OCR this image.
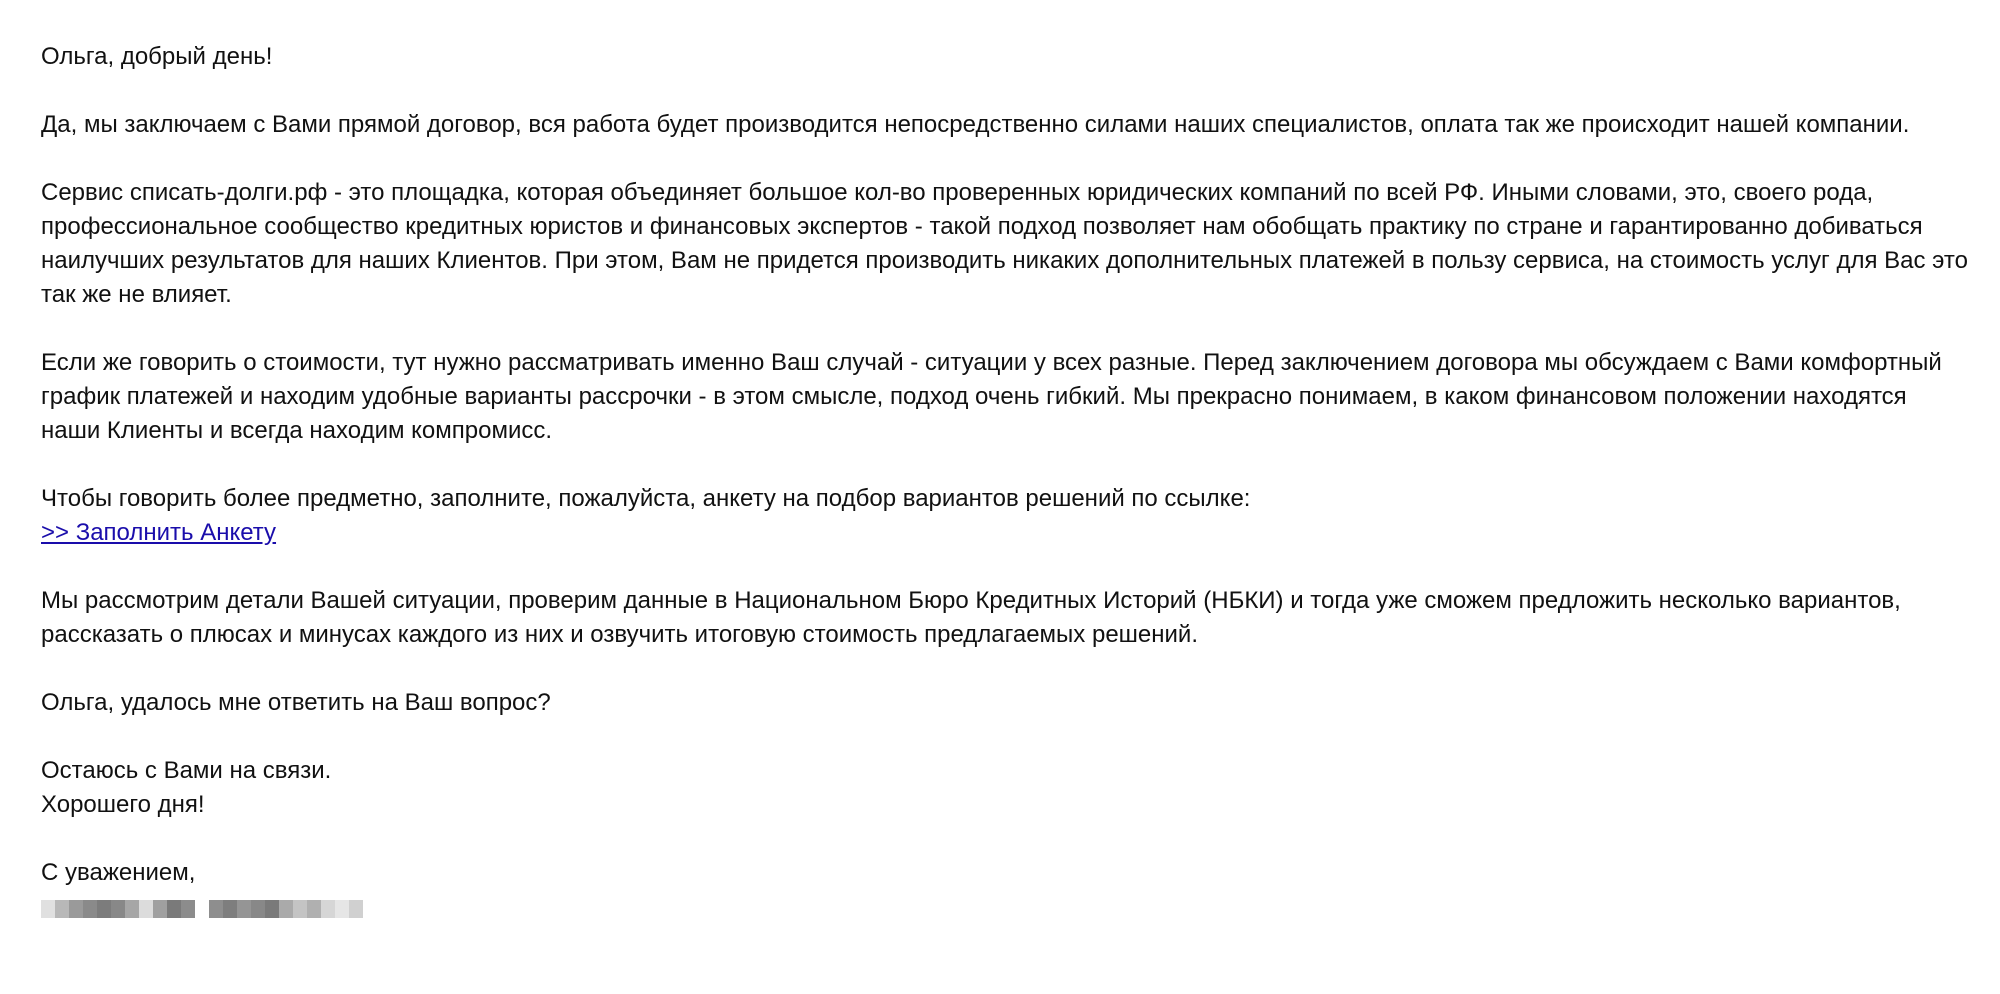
Ольга, добрый день!

Да, мы заключаем с Вами прямой договор, вся работа будет производится непосредственно силами наших специалистов, оплата так же происходит нашей компании.

Сервис списать-долги.рф - это площадка, которая объединяет большое кол-во проверенных юридических компаний по всей РФ. Иными словами, это, своего рода, профессиональное сообщество кредитных юристов и финансовых экспертов - такой подход позволяет нам обобщать практику по стране и гарантированно добиваться наилучших результатов для наших Клиентов. При этом, Вам не придется производить никаких дополнительных платежей в пользу сервиса, на стоимость услуг для Вас это так же не влияет.

Если же говорить о стоимости, тут нужно рассматривать именно Ваш случай - ситуации у всех разные. Перед заключением договора мы обсуждаем с Вами комфортный график платежей и находим удобные варианты рассрочки - в этом смысле, подход очень гибкий. Мы прекрасно понимаем, в каком финансовом положении находятся наши Клиенты и всегда находим компромисс.

Чтобы говорить более предметно, заполните, пожалуйста, анкету на подбор вариантов решений по ссылке:
>> Заполнить Анкету

Мы рассмотрим детали Вашей ситуации, проверим данные в Национальном Бюро Кредитных Историй (НБКИ) и тогда уже сможем предложить несколько вариантов, рассказать о плюсах и минусах каждого из них и озвучить итоговую стоимость предлагаемых решений.

Ольга, удалось мне ответить на Ваш вопрос?

Остаюсь с Вами на связи.
Хорошего дня!
С уважением,
